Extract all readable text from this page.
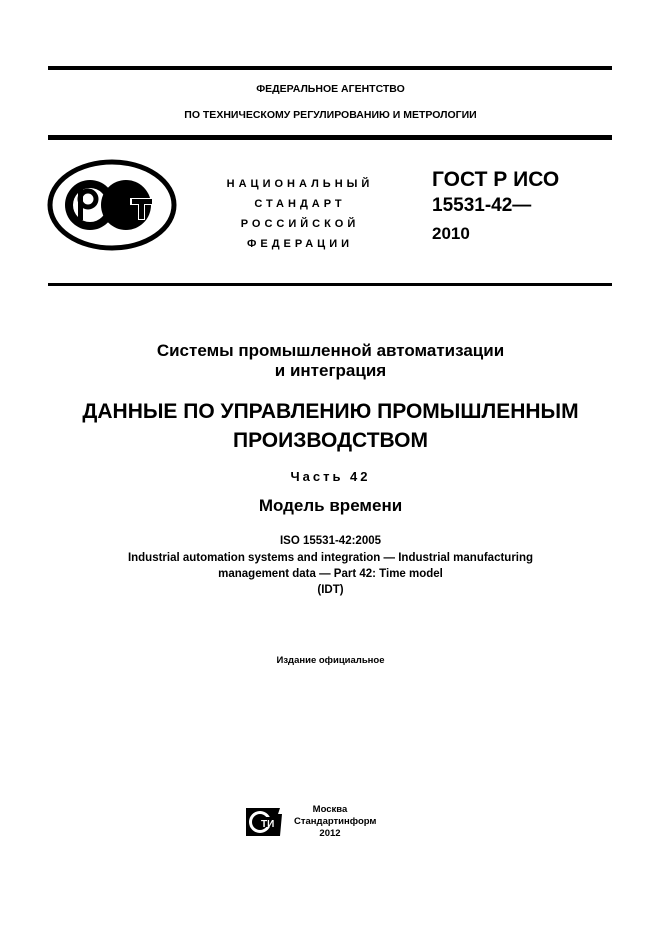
ФЕДЕРАЛЬНОЕ АГЕНТСТВО
ПО ТЕХНИЧЕСКОМУ РЕГУЛИРОВАНИЮ И МЕТРОЛОГИИ
НАЦИОНАЛЬНЫЙ
СТАНДАРТ
РОССИЙСКОЙ
ФЕДЕРАЦИИ
ГОСТ Р ИСО
15531-42—
2010
Системы промышленной автоматизации
и интеграция
ДАННЫЕ ПО УПРАВЛЕНИЮ ПРОМЫШЛЕННЫМ
ПРОИЗВОДСТВОМ
Часть 42
Модель времени
ISO 15531-42:2005
Industrial automation systems and integration — Industrial manufacturing
management data — Part 42: Time model
(IDT)
Издание официальное
ТИ
Москва
Стандартинформ
2012
